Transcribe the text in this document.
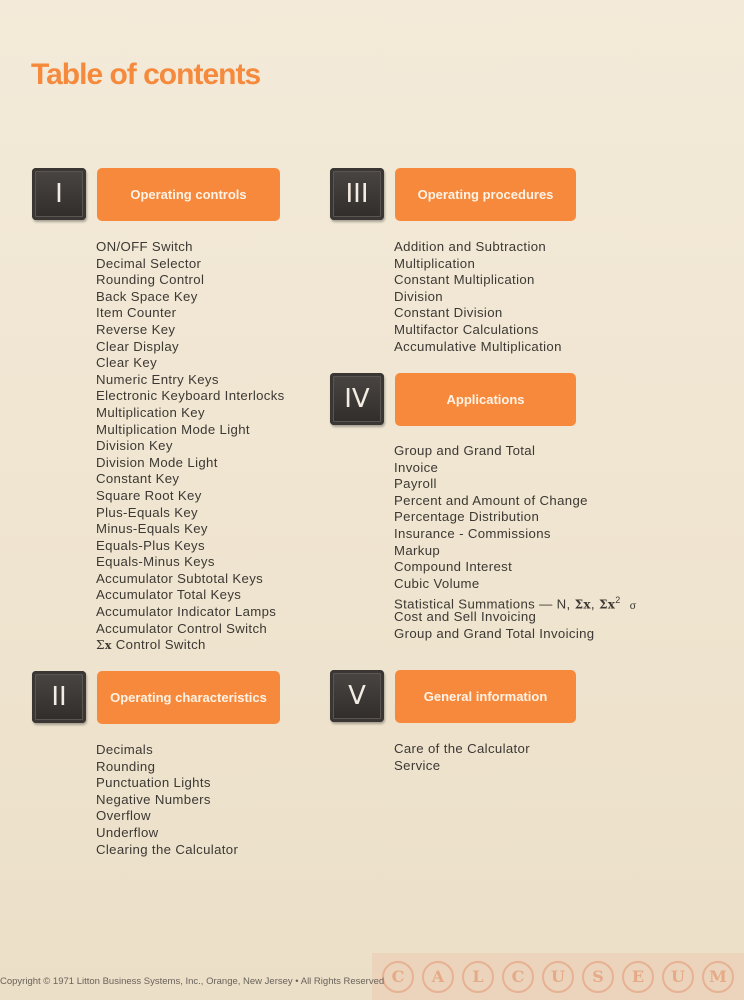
Table of contents
I	Operating controls
ON/OFF Switch
Decimal Selector
Rounding Control
Back Space Key
Item Counter
Reverse Key
Clear Display
Clear Key
Numeric Entry Keys
Electronic Keyboard Interlocks
Multiplication Key
Multiplication Mode Light
Division Key
Division Mode Light
Constant Key
Square Root Key
Plus-Equals Key
Minus-Equals Key
Equals-Plus Keys
Equals-Minus Keys
Accumulator Subtotal Keys
Accumulator Total Keys
Accumulator Indicator Lamps
Accumulator Control Switch
Σx Control Switch
II	Operating characteristics
Decimals
Rounding
Punctuation Lights
Negative Numbers
Overflow
Underflow
Clearing the Calculator
III	Operating procedures
Addition and Subtraction
Multiplication
Constant Multiplication
Division
Constant Division
Multifactor Calculations
Accumulative Multiplication
IV	Applications
Group and Grand Total
Invoice
Payroll
Percent and Amount of Change
Percentage Distribution
Insurance - Commissions
Markup
Compound Interest
Cubic Volume
Statistical Summations — N, Σx, $\Sigma x^2\sigma$
Cost and Sell Invoicing
Group and Grand Total Invoicing
V	General information
Care of the Calculator
Service
C	A	L	C	U	S	E	U	M
Copyright © 1971 Litton Business Systems, Inc., Orange, New Jersey • All Rights Reserved
